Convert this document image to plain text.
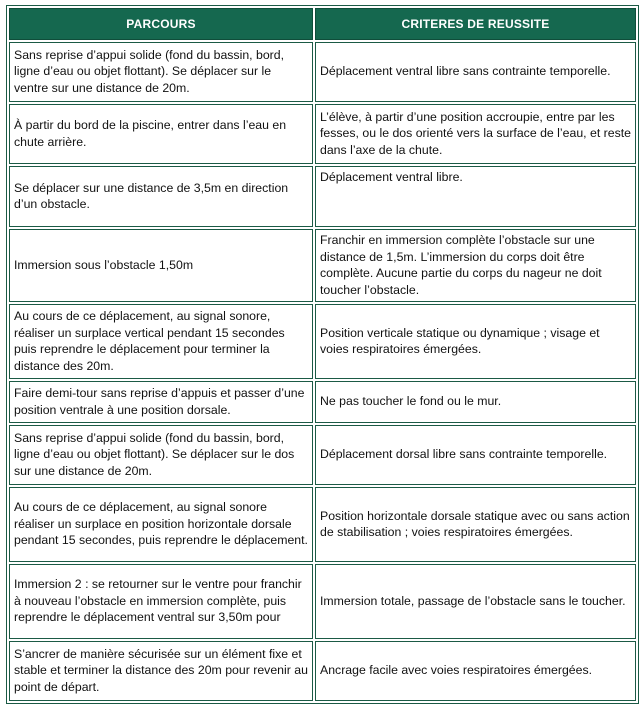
PARCOURS	CRITERES DE REUSSITE
Sans reprise d’appui solide (fond du bassin, bord, ligne d’eau ou objet flottant). Se déplacer sur le ventre sur une distance de 20m.	Déplacement ventral libre sans contrainte temporelle.
À partir du bord de la piscine, entrer dans l’eau en chute arrière.	L’élève, à partir d’une position accroupie, entre par les fesses, ou le dos orienté vers la surface de l’eau, et reste dans l’axe de la chute.
Se déplacer sur une distance de 3,5m en direction d’un obstacle.	Déplacement ventral libre.
Immersion sous l’obstacle 1,50m	Franchir en immersion complète l’obstacle sur une distance de 1,5m. L’immersion du corps doit être complète. Aucune partie du corps du nageur ne doit toucher l’obstacle.
Au cours de ce déplacement, au signal sonore, réaliser un surplace vertical pendant 15 secondes puis reprendre le déplacement pour terminer la distance des 20m.	Position verticale statique ou dynamique ; visage et voies respiratoires émergées.
Faire demi-tour sans reprise d’appuis et passer d’une position ventrale à une position dorsale.	Ne pas toucher le fond ou le mur.
Sans reprise d’appui solide (fond du bassin, bord, ligne d’eau ou objet flottant). Se déplacer sur le dos sur une distance de 20m.	Déplacement dorsal libre sans contrainte temporelle.
Au cours de ce déplacement, au signal sonore réaliser un surplace en position horizontale dorsale pendant 15 secondes, puis reprendre le déplacement.	Position horizontale dorsale statique avec ou sans action de stabilisation ; voies respiratoires émergées.
Immersion 2 : se retourner sur le ventre pour franchir à nouveau l’obstacle en immersion complète, puis reprendre le déplacement ventral sur 3,50m pour	Immersion totale, passage de l’obstacle sans le toucher.
S’ancrer de manière sécurisée sur un élément fixe et stable et terminer la distance des 20m pour revenir au point de départ.	Ancrage facile avec voies respiratoires émergées.
